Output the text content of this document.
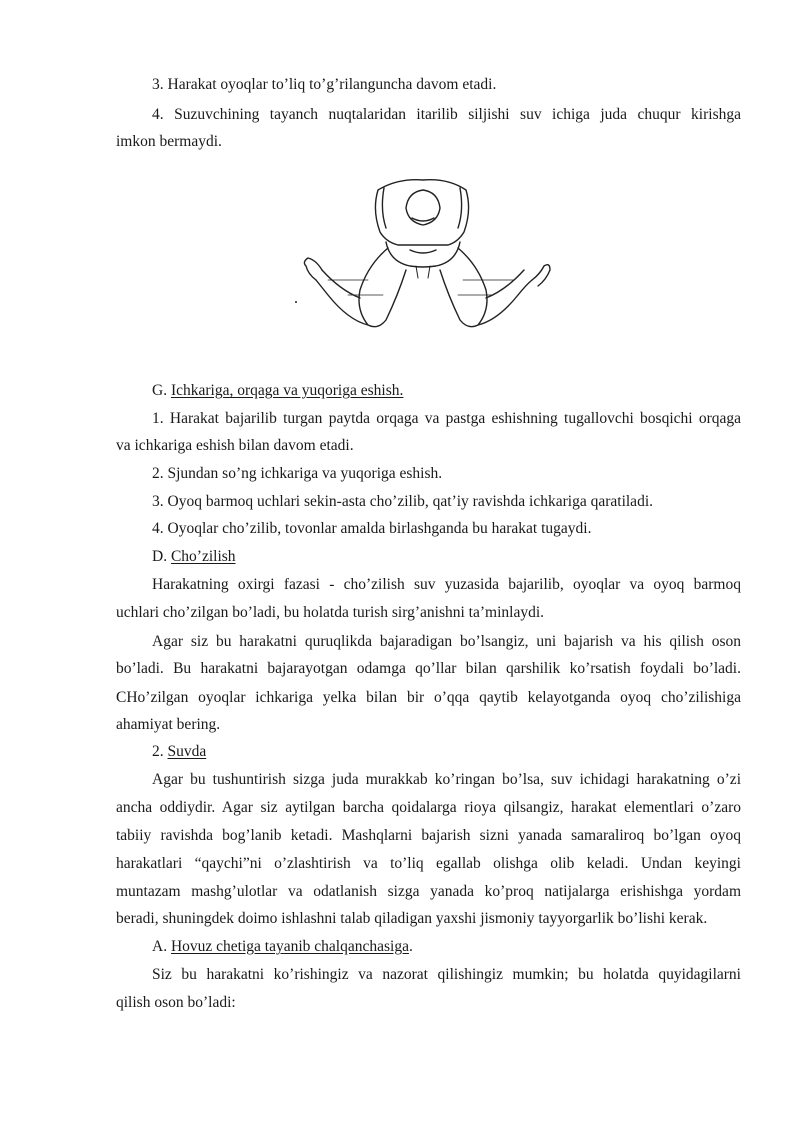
3. Harakat oyoqlar to’liq to’g’rilanguncha davom etadi.
4. Suzuvchining tayanch nuqtalaridan itarilib siljishi suv ichiga juda chuqur kirishga
imkon bermaydi.
G. Ichkariga, orqaga va yuqoriga eshish.
1. Harakat bajarilib turgan paytda orqaga va pastga eshishning tugallovchi bosqichi orqaga
va ichkariga eshish bilan davom etadi.
2. Sjundan so’ng ichkariga va yuqoriga eshish.
3. Oyoq barmoq uchlari sekin-asta cho’zilib, qat’iy ravishda ichkariga qaratiladi.
4. Oyoqlar cho’zilib, tovonlar amalda birlashganda bu harakat tugaydi.
D. Cho’zilish
Harakatning oxirgi fazasi - cho’zilish suv yuzasida bajarilib, oyoqlar va oyoq barmoq
uchlari cho’zilgan bo’ladi, bu holatda turish sirg’anishni ta’minlaydi.
Agar siz bu harakatni quruqlikda bajaradigan bo’lsangiz, uni bajarish va his qilish oson
bo’ladi. Bu harakatni bajarayotgan odamga qo’llar bilan qarshilik ko’rsatish foydali bo’ladi.
CHo’zilgan oyoqlar ichkariga yelka bilan bir o’qqa qaytib kelayotganda oyoq cho’zilishiga
ahamiyat bering.
2. Suvda
Agar bu tushuntirish sizga juda murakkab ko’ringan bo’lsa, suv ichidagi harakatning o’zi
ancha oddiydir. Agar siz aytilgan barcha qoidalarga rioya qilsangiz, harakat elementlari o’zaro
tabiiy ravishda bog’lanib ketadi. Mashqlarni bajarish sizni yanada samaraliroq bo’lgan oyoq
harakatlari “qaychi”ni o’zlashtirish va to’liq egallab olishga olib keladi. Undan keyingi
muntazam mashg’ulotlar va odatlanish sizga yanada ko’proq natijalarga erishishga yordam
beradi, shuningdek doimo ishlashni talab qiladigan yaxshi jismoniy tayyorgarlik bo’lishi kerak.
A. Hovuz chetiga tayanib chalqanchasiga.
Siz bu harakatni ko’rishingiz va nazorat qilishingiz mumkin; bu holatda quyidagilarni
qilish oson bo’ladi:
